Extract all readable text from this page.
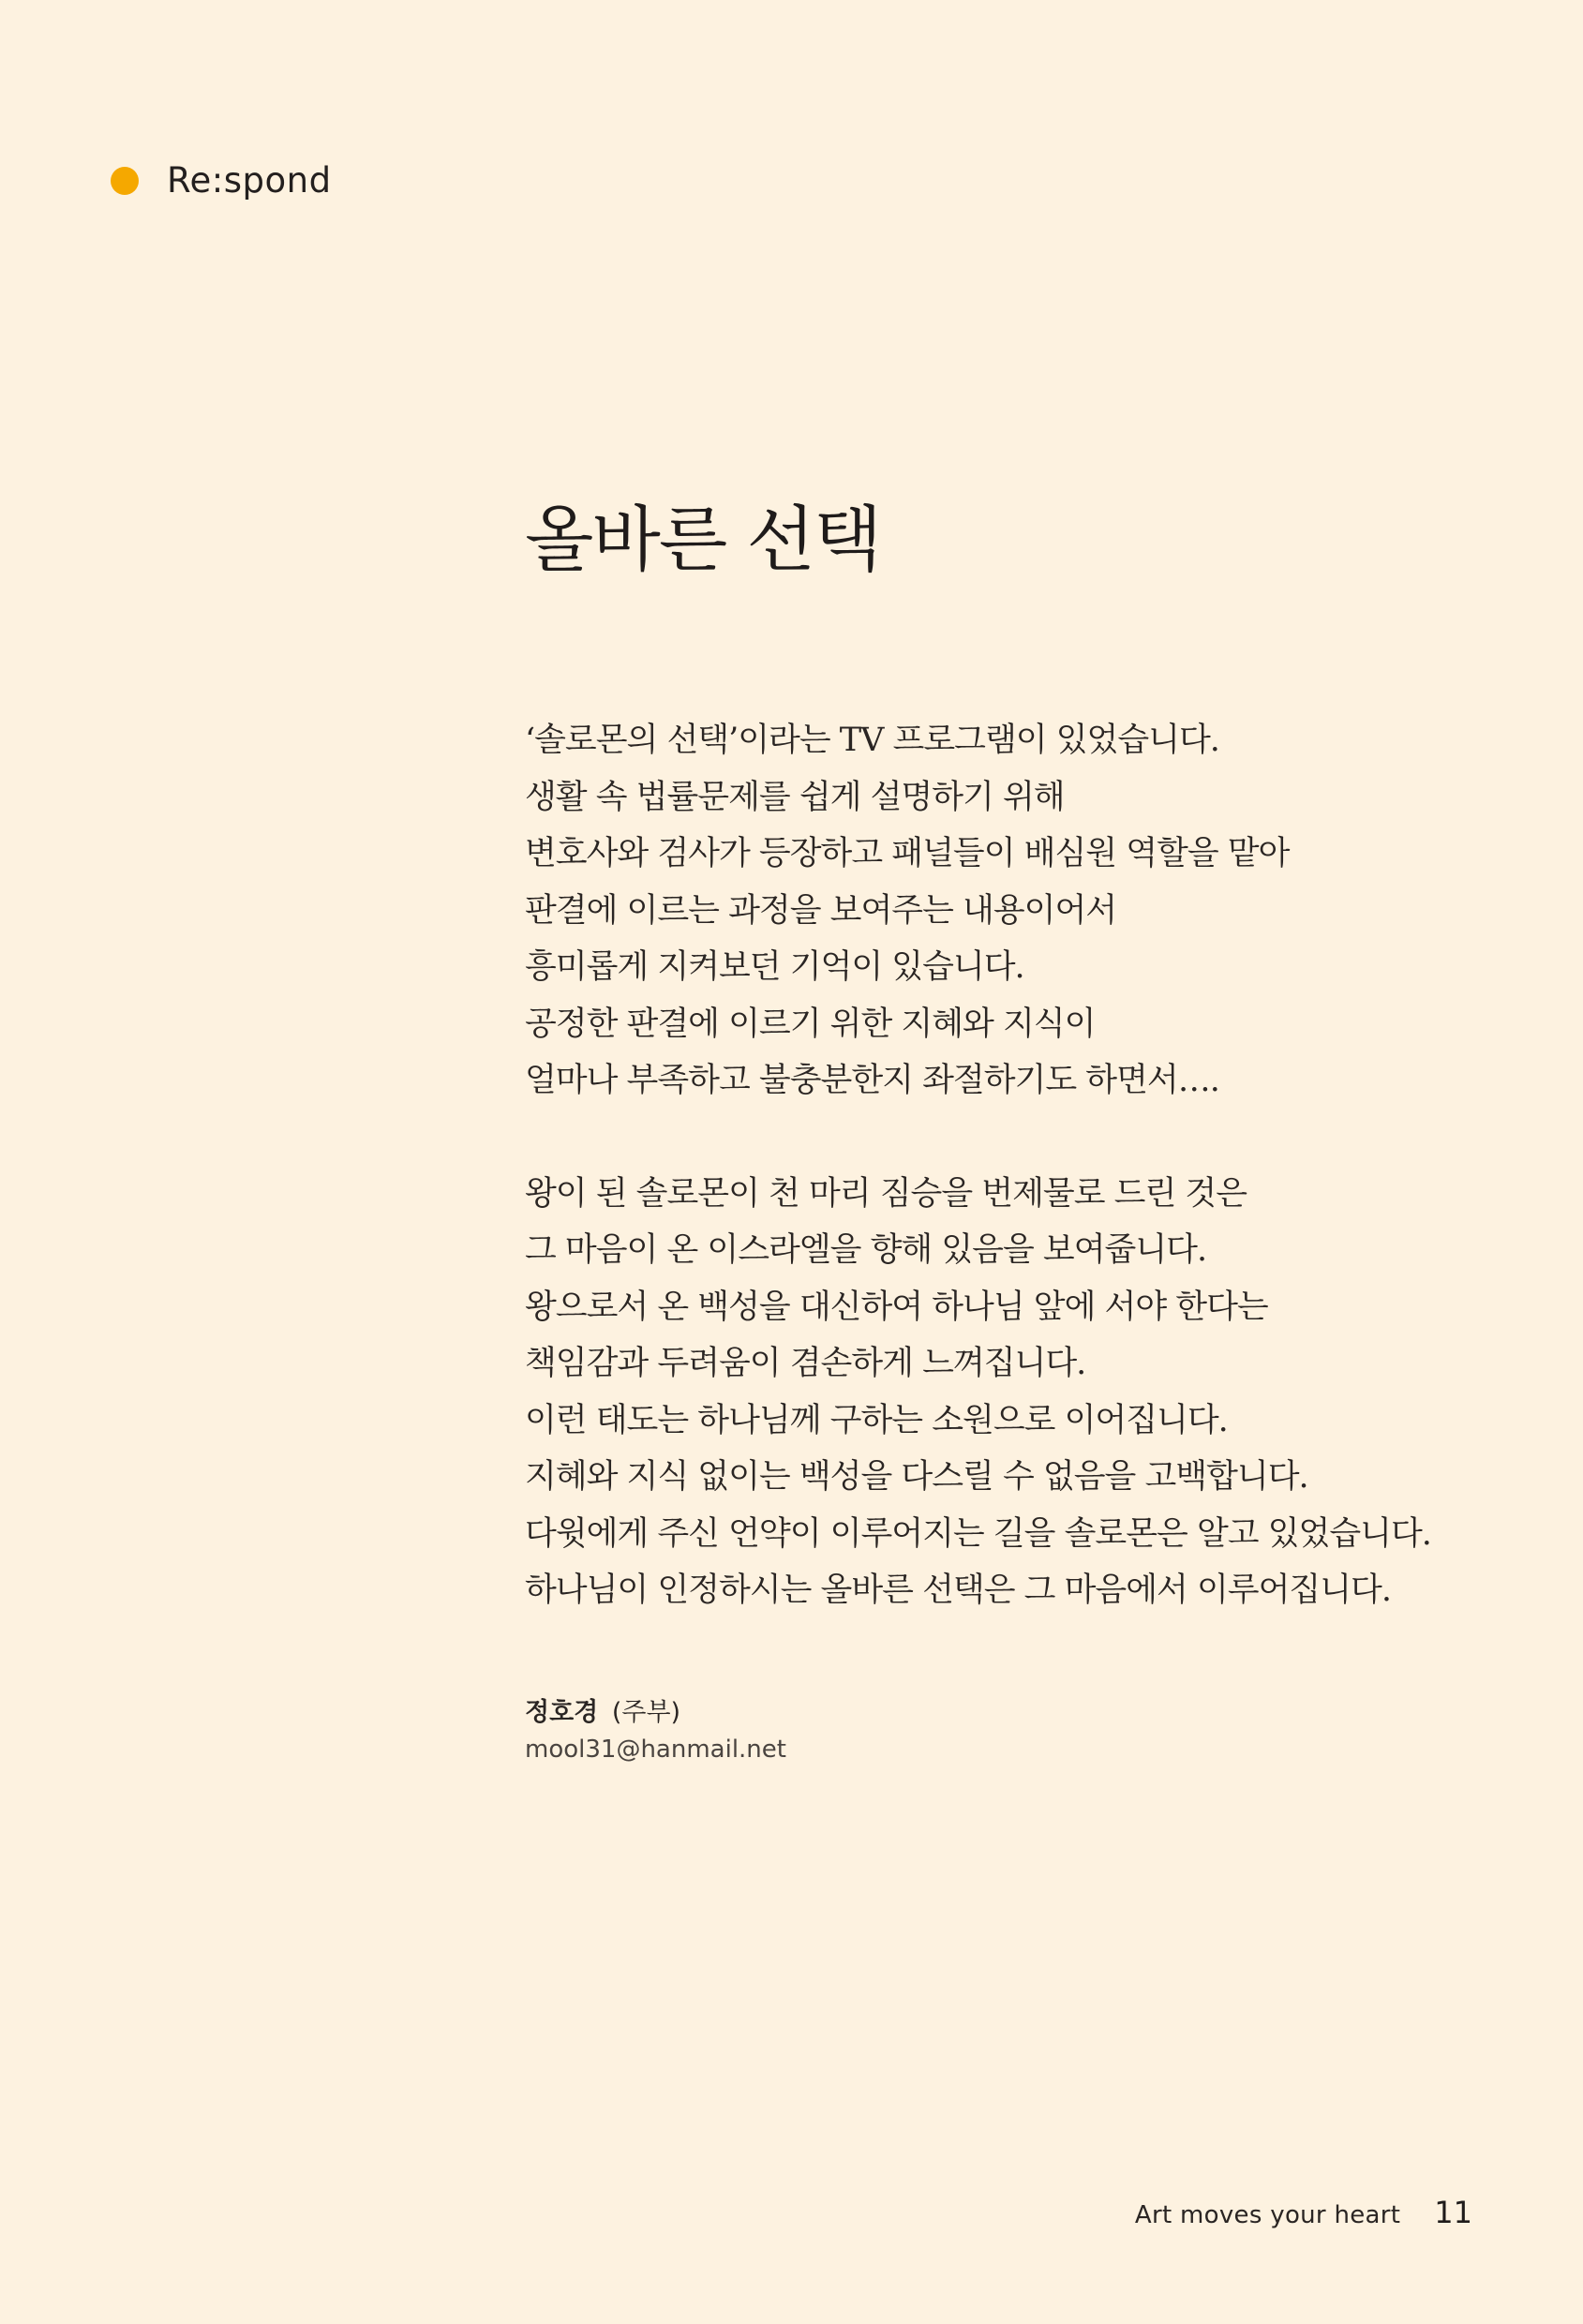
Re:spond
올바른 선택

‘솔로몬의 선택’이라는 TV 프로그램이 있었습니다.
생활 속 법률문제를 쉽게 설명하기 위해
변호사와 검사가 등장하고 패널들이 배심원 역할을 맡아
판결에 이르는 과정을 보여주는 내용이어서
흥미롭게 지켜보던 기억이 있습니다.
공정한 판결에 이르기 위한 지혜와 지식이
얼마나 부족하고 불충분한지 좌절하기도 하면서….

왕이 된 솔로몬이 천 마리 짐승을 번제물로 드린 것은
그 마음이 온 이스라엘을 향해 있음을 보여줍니다.
왕으로서 온 백성을 대신하여 하나님 앞에 서야 한다는
책임감과 두려움이 겸손하게 느껴집니다.
이런 태도는 하나님께 구하는 소원으로 이어집니다.
지혜와 지식 없이는 백성을 다스릴 수 없음을 고백합니다.
다윗에게 주신 언약이 이루어지는 길을 솔로몬은 알고 있었습니다.
하나님이 인정하시는 올바른 선택은 그 마음에서 이루어집니다.

정호경 (주부)
mool31@hanmail.net
Art moves your heart 11
